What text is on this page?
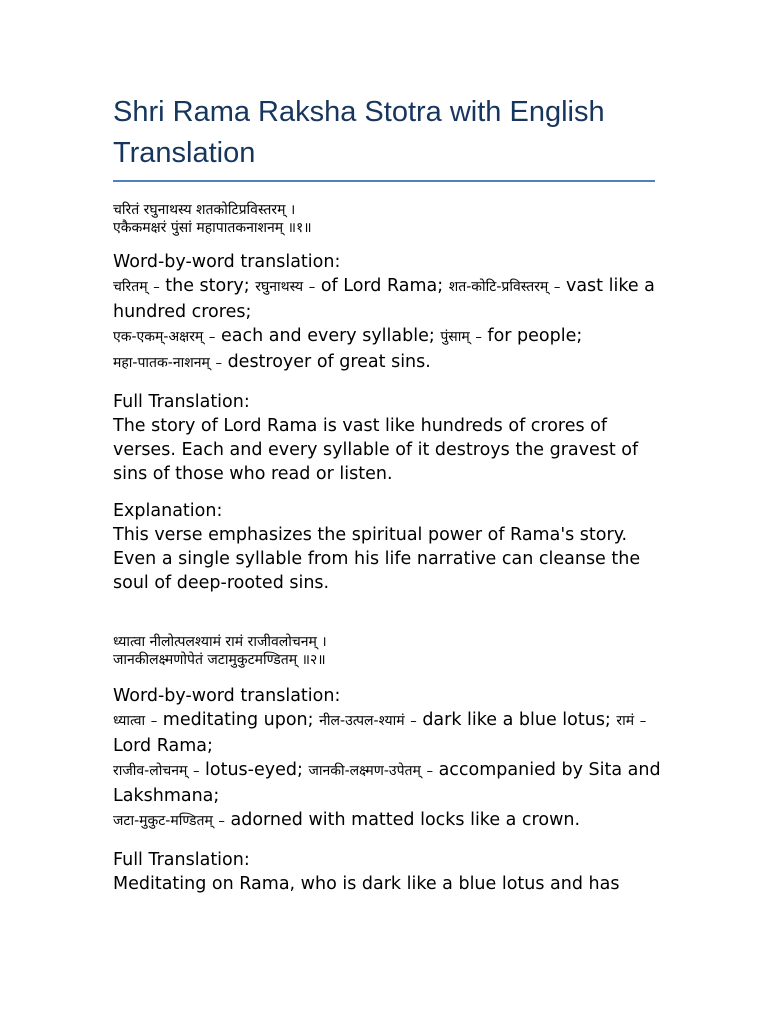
Shri Rama Raksha Stotra with English Translation
चरितं रघुनाथस्य शतकोटिप्रविस्तरम् ।
एकैकमक्षरं पुंसां महापातकनाशनम् ॥१॥
Word-by-word translation:
चरितम् – the story; रघुनाथस्य – of Lord Rama; शत-कोटि-प्रविस्तरम् – vast like a hundred crores;
एक-एकम्-अक्षरम् – each and every syllable; पुंसाम् – for people;
महा-पातक-नाशनम् – destroyer of great sins.
Full Translation:
The story of Lord Rama is vast like hundreds of crores of verses. Each and every syllable of it destroys the gravest of sins of those who read or listen.
Explanation:
This verse emphasizes the spiritual power of Rama's story. Even a single syllable from his life narrative can cleanse the soul of deep-rooted sins.
ध्यात्वा नीलोत्पलश्यामं रामं राजीवलोचनम् ।
जानकीलक्ष्मणोपेतं जटामुकुटमण्डितम् ॥२॥
Word-by-word translation:
ध्यात्वा – meditating upon; नील-उत्पल-श्यामं – dark like a blue lotus; रामं – Lord Rama;
राजीव-लोचनम् – lotus-eyed; जानकी-लक्ष्मण-उपेतम् – accompanied by Sita and Lakshmana;
जटा-मुकुट-मण्डितम् – adorned with matted locks like a crown.
Full Translation:
Meditating on Rama, who is dark like a blue lotus and has
